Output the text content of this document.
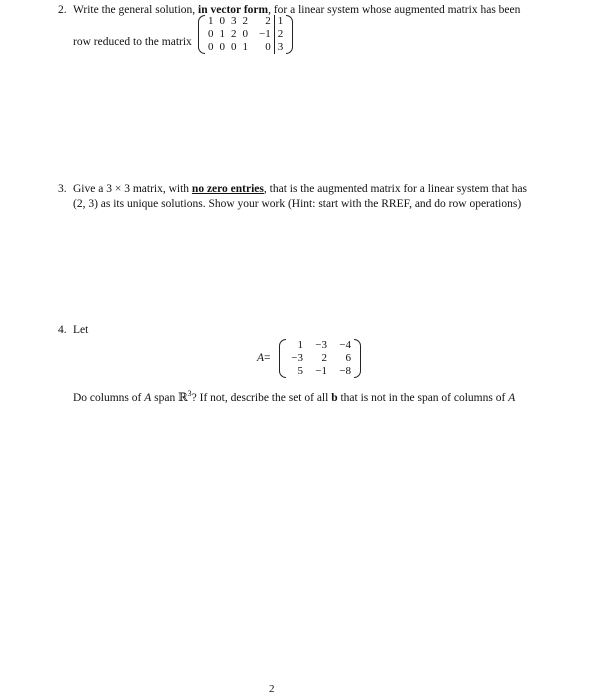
2. Write the general solution, in vector form, for a linear system whose augmented matrix has been
row reduced to the matrix
1	0	3	2	2	1
0	1	2	0	−1	2
0	0	0	1	0	3
3. Give a 3 × 3 matrix, with no zero entries, that is the augmented matrix for a linear system that has
(2, 3) as its unique solutions. Show your work (Hint: start with the RREF, and do row operations)
4. Let
A=
1	−3	−4
−3	2	6
5	−1	−8
Do columns of A span ℝ$^3$? If not, describe the set of all b that is not in the span of columns of A
2
